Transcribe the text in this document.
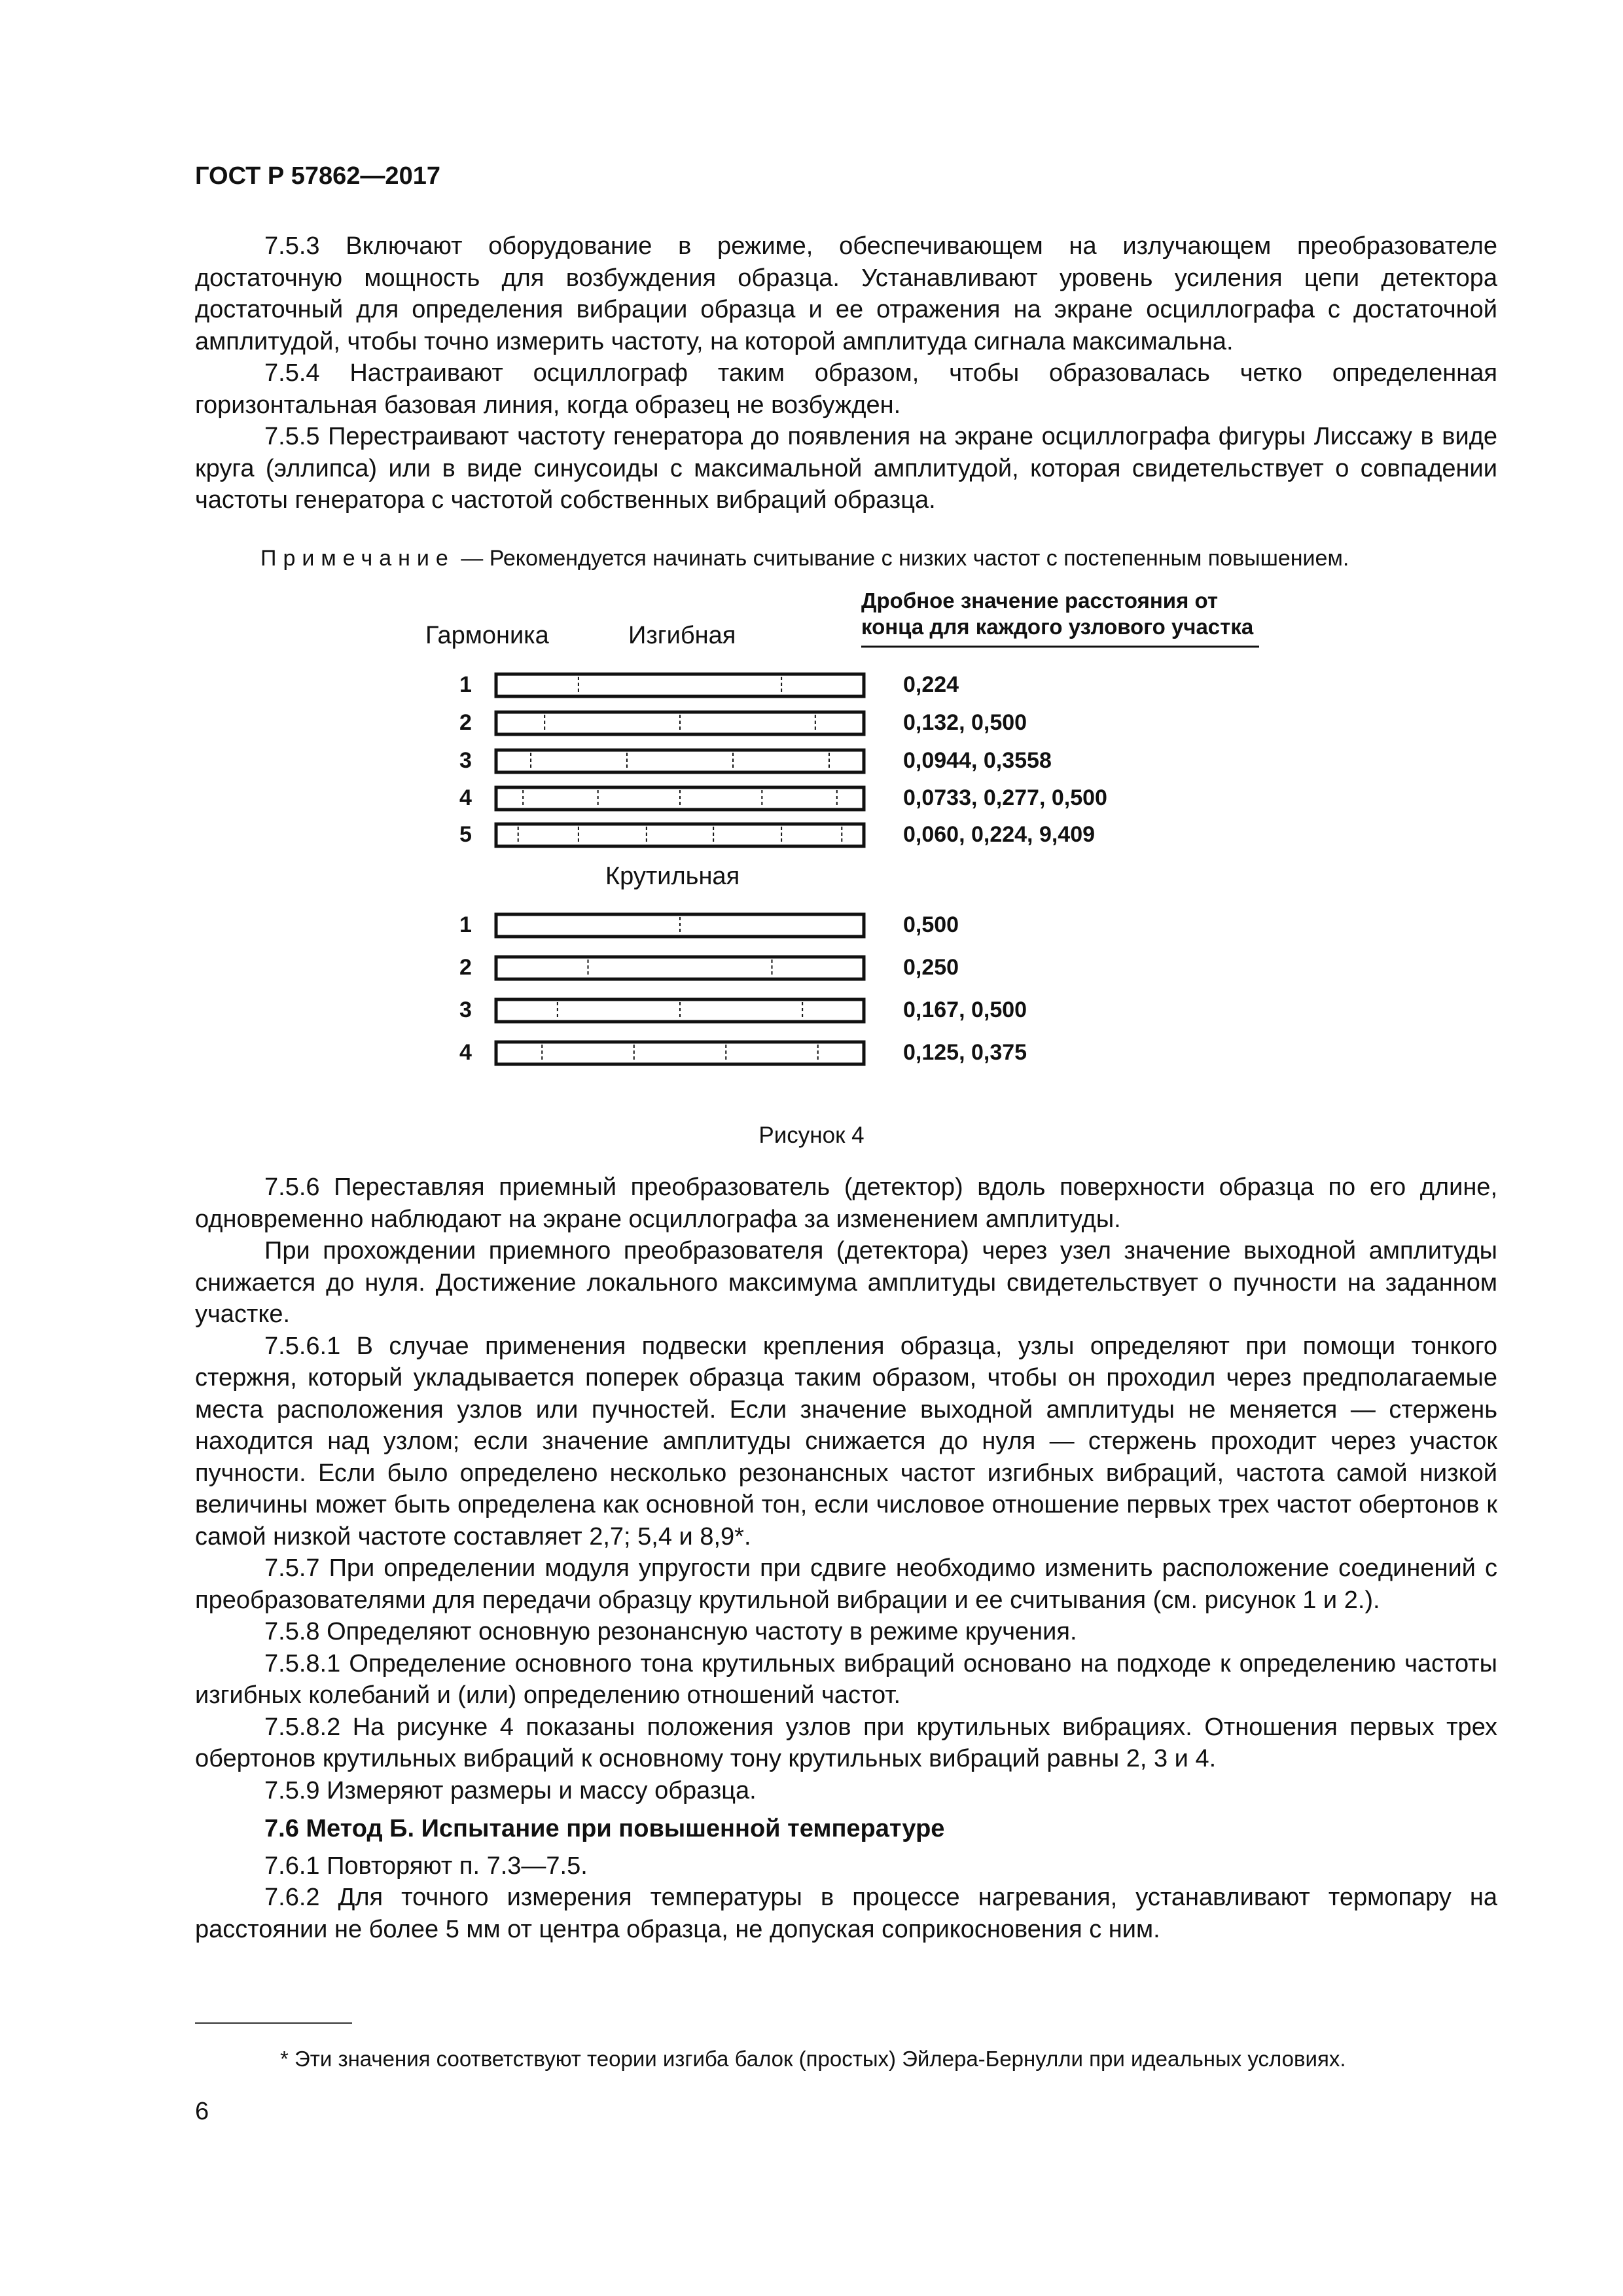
ГОСТ Р 57862—2017

7.5.3 Включают оборудование в режиме, обеспечивающем на излучающем преобразователе достаточную мощность для возбуждения образца. Устанавливают уровень усиления цепи детектора достаточный для определения вибрации образца и ее отражения на экране осциллографа с достаточной амплитудой, чтобы точно измерить частоту, на которой амплитуда сигнала максимальна.

7.5.4 Настраивают осциллограф таким образом, чтобы образовалась четко определенная горизонтальная базовая линия, когда образец не возбужден.

7.5.5 Перестраивают частоту генератора до появления на экране осциллографа фигуры Лиссажу в виде круга (эллипса) или в виде синусоиды с максимальной амплитудой, которая свидетельствует о совпадении частоты генератора с частотой собственных вибраций образца.

Примечание — Рекомендуется начинать считывание с низких частот с постепенным повышением.
Гармоника	Изгибная
Дробное значение расстояния от
конца для каждого узлового участка
Крутильная
1	0,224
2	0,132, 0,500
3	0,0944, 0,3558
4	0,0733, 0,277, 0,500
5	0,060, 0,224, 9,409
1	0,500
2	0,250
3	0,167, 0,500
4	0,125, 0,375
Рисунок 4

7.5.6 Переставляя приемный преобразователь (детектор) вдоль поверхности образца по его длине, одновременно наблюдают на экране осциллографа за изменением амплитуды.

При прохождении приемного преобразователя (детектора) через узел значение выходной амплитуды снижается до нуля. Достижение локального максимума амплитуды свидетельствует о пучности на заданном участке.

7.5.6.1 В случае применения подвески крепления образца, узлы определяют при помощи тонкого стержня, который укладывается поперек образца таким образом, чтобы он проходил через предполагаемые места расположения узлов или пучностей. Если значение выходной амплитуды не меняется — стержень находится над узлом; если значение амплитуды снижается до нуля — стержень проходит через участок пучности. Если было определено несколько резонансных частот изгибных вибраций, частота самой низкой величины может быть определена как основной тон, если числовое отношение первых трех частот обертонов к самой низкой частоте составляет 2,7; 5,4 и 8,9*.

7.5.7 При определении модуля упругости при сдвиге необходимо изменить расположение соединений с преобразователями для передачи образцу крутильной вибрации и ее считывания (см. рисунок 1 и 2.).

7.5.8 Определяют основную резонансную частоту в режиме кручения.

7.5.8.1 Определение основного тона крутильных вибраций основано на подходе к определению частоты изгибных колебаний и (или) определению отношений частот.

7.5.8.2 На рисунке 4 показаны положения узлов при крутильных вибрациях. Отношения первых трех обертонов крутильных вибраций к основному тону крутильных вибраций равны 2, 3 и 4.

7.5.9 Измеряют размеры и массу образца.

7.6 Метод Б. Испытание при повышенной температуре

7.6.1 Повторяют п. 7.3—7.5.

7.6.2 Для точного измерения температуры в процессе нагревания, устанавливают термопару на расстоянии не более 5 мм от центра образца, не допуская соприкосновения с ним.

* Эти значения соответствуют теории изгиба балок (простых) Эйлера-Бернулли при идеальных условиях.
6
